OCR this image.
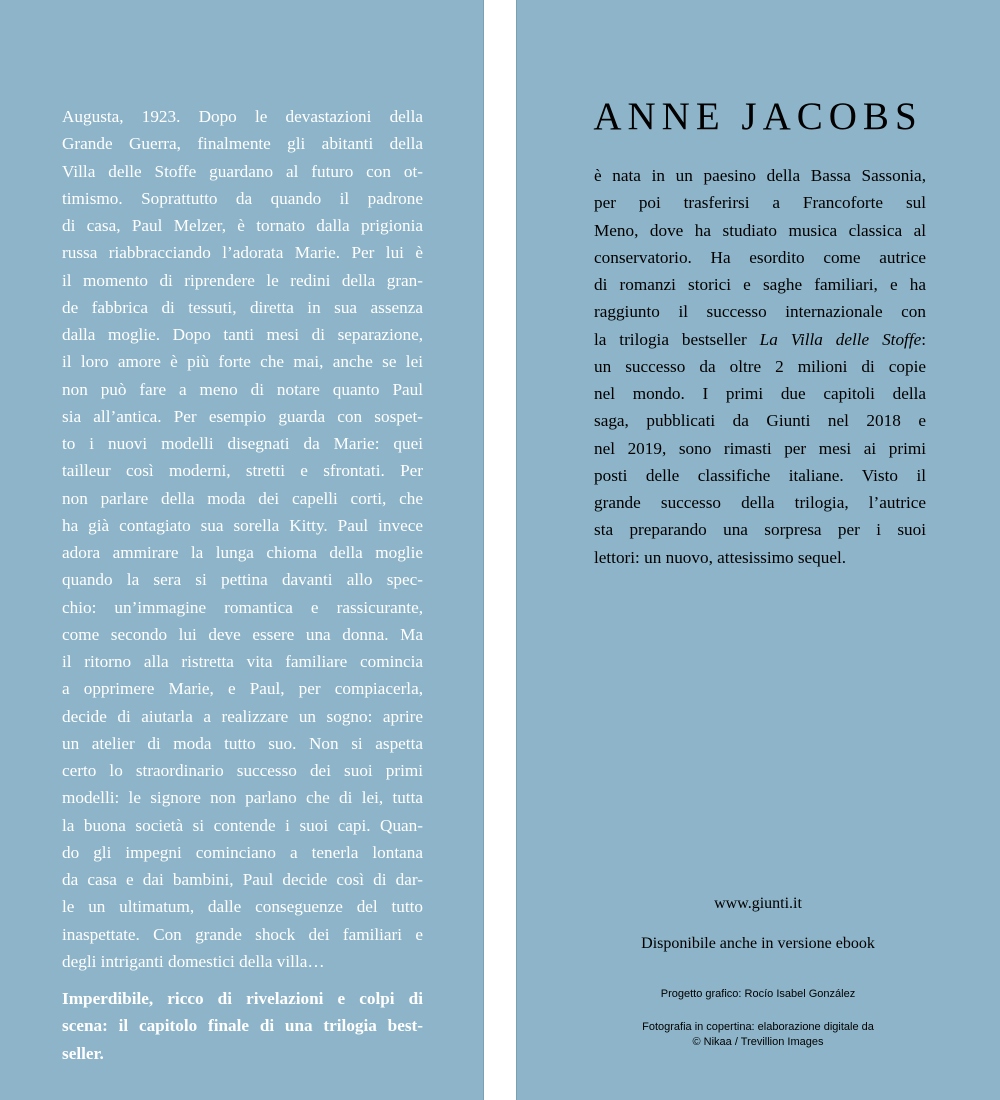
Augusta, 1923. Dopo le devastazioni della
Grande Guerra, finalmente gli abitanti della
Villa delle Stoffe guardano al futuro con ot-
timismo. Soprattutto da quando il padrone
di casa, Paul Melzer, è tornato dalla prigionia
russa riabbracciando l’adorata Marie. Per lui è
il momento di riprendere le redini della gran-
de fabbrica di tessuti, diretta in sua assenza
dalla moglie. Dopo tanti mesi di separazione,
il loro amore è più forte che mai, anche se lei
non può fare a meno di notare quanto Paul
sia all’antica. Per esempio guarda con sospet-
to i nuovi modelli disegnati da Marie: quei
tailleur così moderni, stretti e sfrontati. Per
non parlare della moda dei capelli corti, che
ha già contagiato sua sorella Kitty. Paul invece
adora ammirare la lunga chioma della moglie
quando la sera si pettina davanti allo spec-
chio: un’immagine romantica e rassicurante,
come secondo lui deve essere una donna. Ma
il ritorno alla ristretta vita familiare comincia
a opprimere Marie, e Paul, per compiacerla,
decide di aiutarla a realizzare un sogno: aprire
un atelier di moda tutto suo. Non si aspetta
certo lo straordinario successo dei suoi primi
modelli: le signore non parlano che di lei, tutta
la buona società si contende i suoi capi. Quan-
do gli impegni cominciano a tenerla lontana
da casa e dai bambini, Paul decide così di dar-
le un ultimatum, dalle conseguenze del tutto
inaspettate. Con grande shock dei familiari e
degli intriganti domestici della villa…
Imperdibile, ricco di rivelazioni e colpi di
scena: il capitolo finale di una trilogia best-
seller.
ANNE JACOBS
è nata in un paesino della Bassa Sassonia,
per poi trasferirsi a Francoforte sul
Meno, dove ha studiato musica classica al
conservatorio. Ha esordito come autrice
di romanzi storici e saghe familiari, e ha
raggiunto il successo internazionale con
la trilogia bestseller La Villa delle Stoffe:
un successo da oltre 2 milioni di copie
nel mondo. I primi due capitoli della
saga, pubblicati da Giunti nel 2018 e
nel 2019, sono rimasti per mesi ai primi
posti delle classifiche italiane. Visto il
grande successo della trilogia, l’autrice
sta preparando una sorpresa per i suoi
lettori: un nuovo, attesissimo sequel.
www.giunti.it
Disponibile anche in versione ebook
Progetto grafico: Rocío Isabel González
Fotografia in copertina: elaborazione digitale da
© Nikaa / Trevillion Images
